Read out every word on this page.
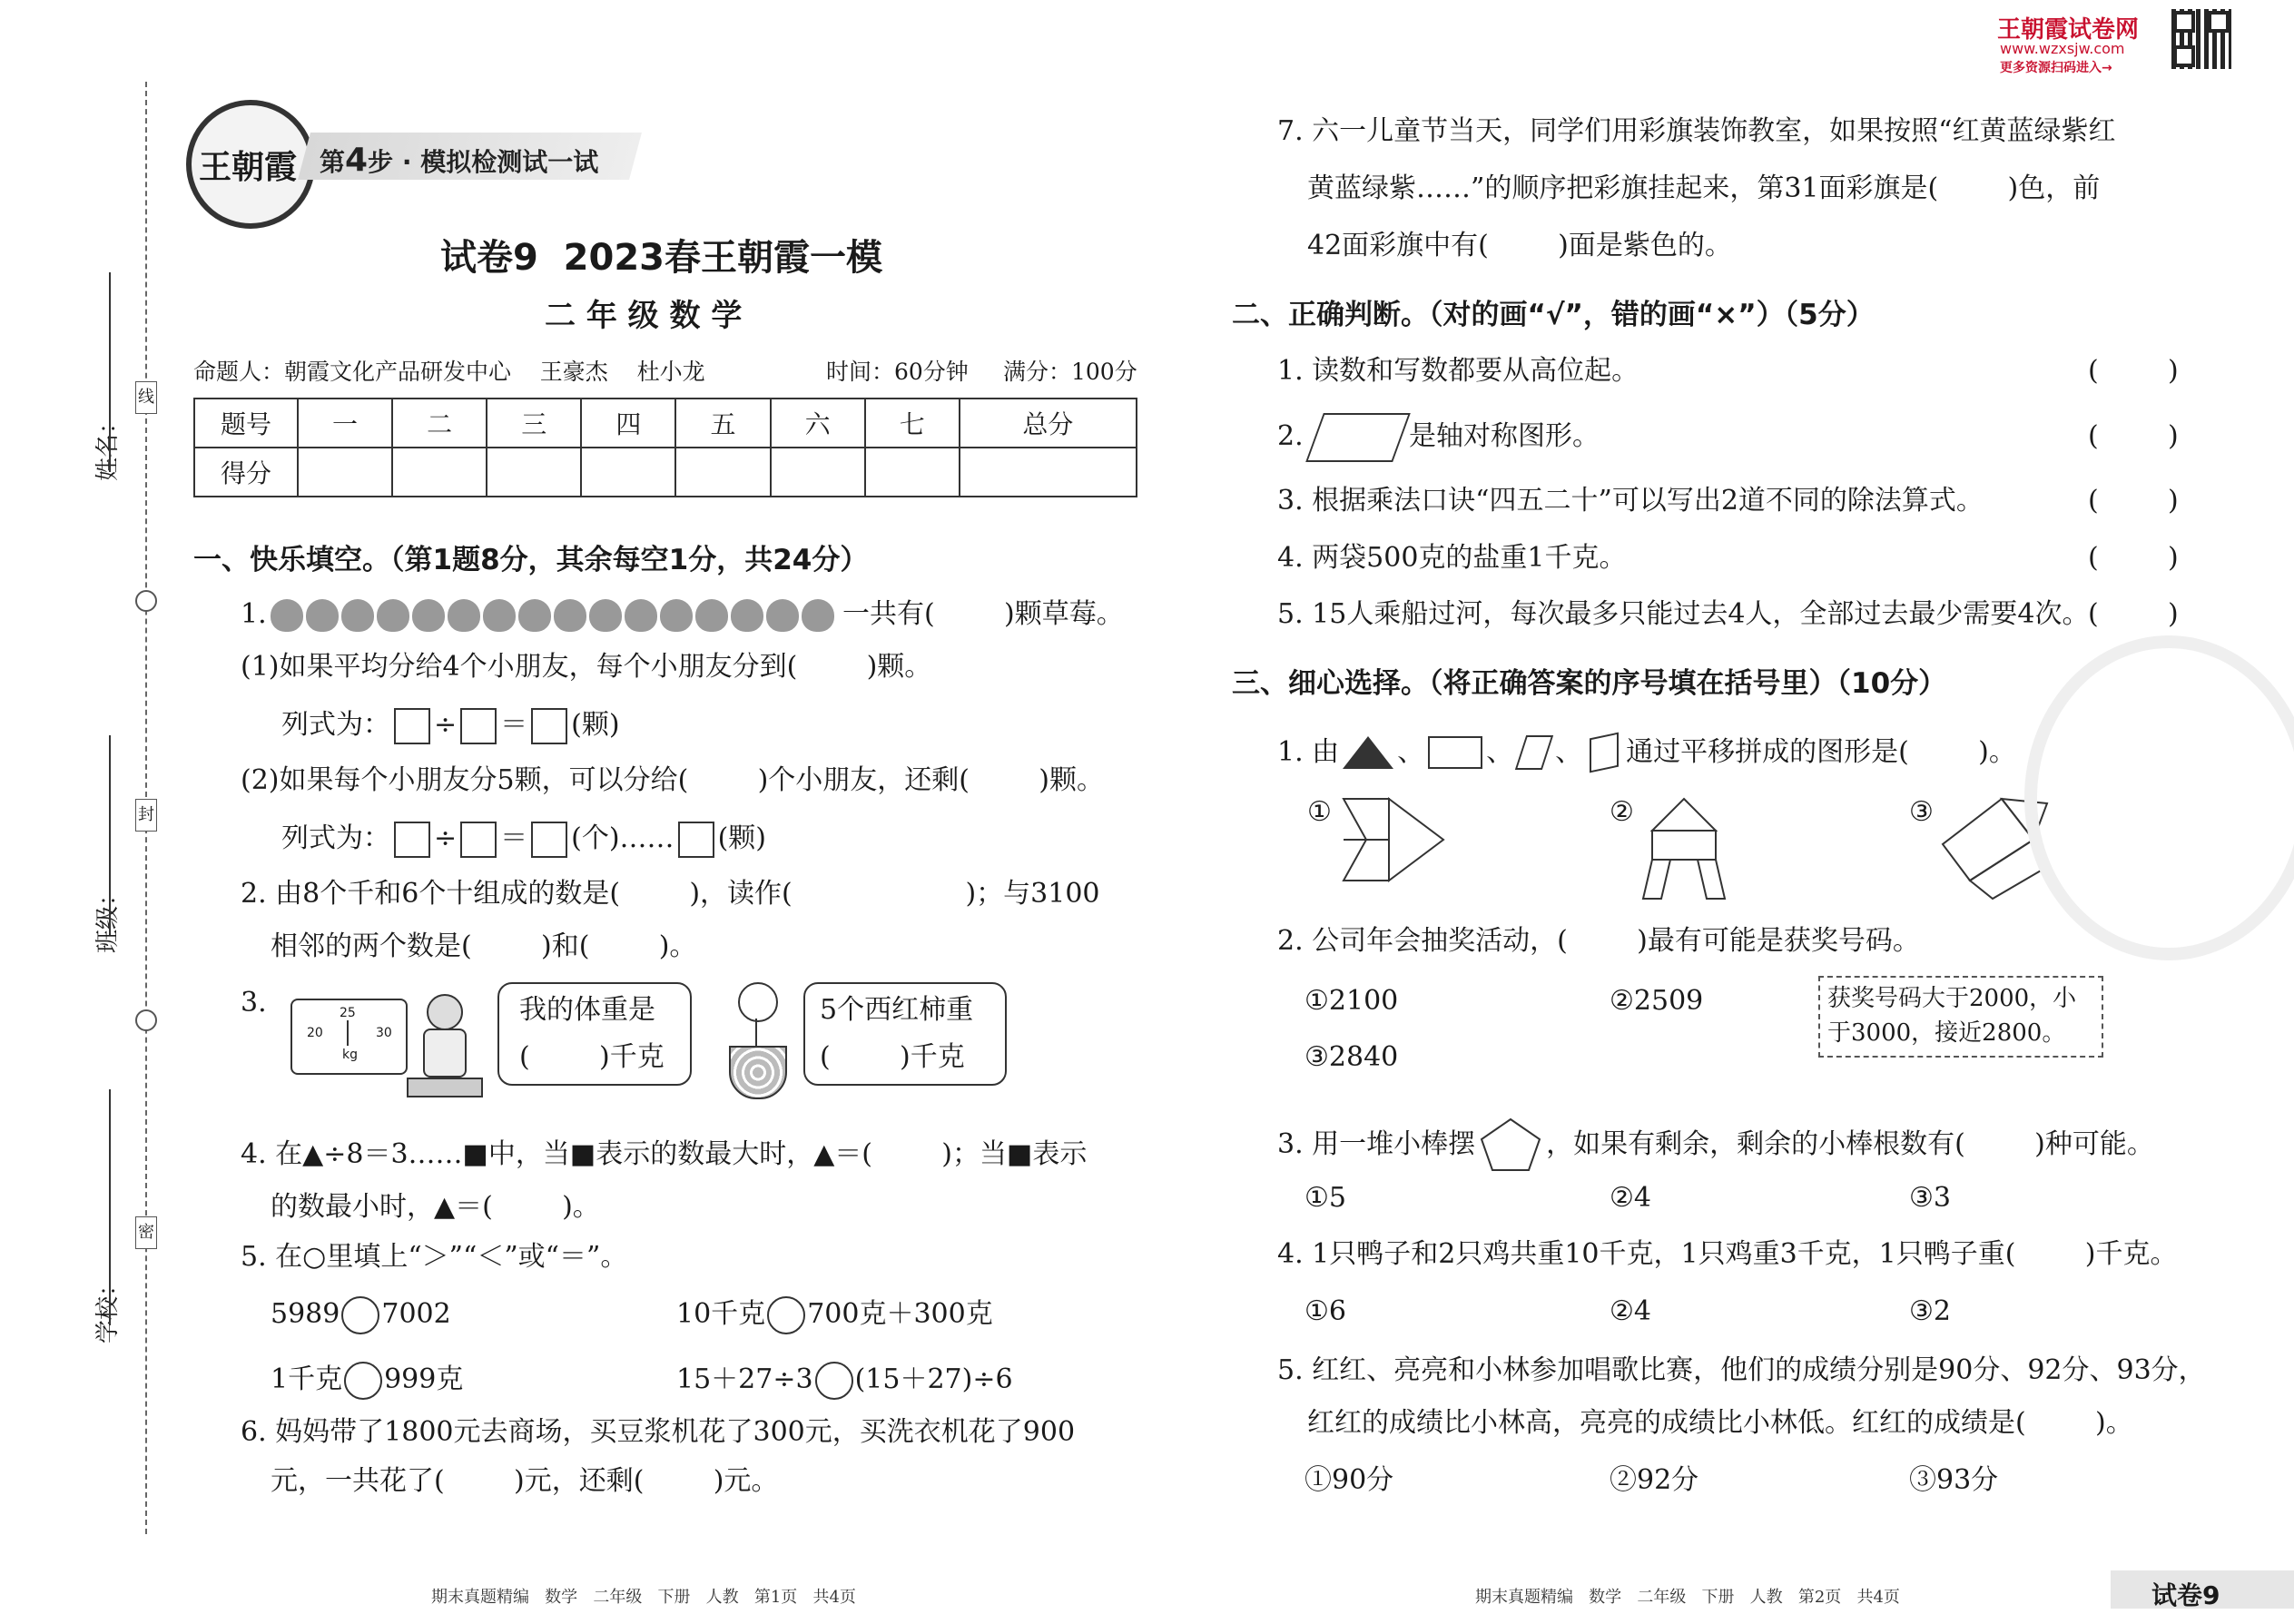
王朝霞试卷网
www.wzxsjw.com
更多资源扫码进入→
姓名：
班级：
学校：
线
封
密
王朝霞 第4步 · 模拟检测试一试
试卷9  2023春王朝霞一模
二 年 级 数 学
命题人：朝霞文化产品研发中心    王豪杰    杜小龙	时间：60分钟 满分：100分
题号	一	二	三	四	五	六	七	总分
得分								
一、快乐填空。（第1题8分，其余每空1分，共24分）
1.	一共有(        )颗草莓。
(1)如果平均分给4个小朋友，每个小朋友分到(        )颗。
列式为： ÷ ＝ (颗)
(2)如果每个小朋友分5颗，可以分给(        )个小朋友，还剩(        )颗。
列式为： ÷ ＝ (个)…… (颗)
2. 由8个千和6个十组成的数是(        )，读作(                    )；与3100
相邻的两个数是(        )和(        )。
3.	25
20	30
kg
我的体重是
(        )千克
5个西红柿重
(        )千克
4. 在▲÷8＝3……■中，当■表示的数最大时，▲＝(        )；当■表示
的数最小时，▲＝(        )。
5. 在○里填上“＞”“＜”或“＝”。
5989 7002	10千克 700克＋300克
1千克 999克	15＋27÷3 (15＋27)÷6
6. 妈妈带了1800元去商场，买豆浆机花了300元，买洗衣机花了900
元，一共花了(        )元，还剩(        )元。
期末真题精编   数学   二年级   下册   人教   第1页   共4页
7. 六一儿童节当天，同学们用彩旗装饰教室，如果按照“红黄蓝绿紫红
黄蓝绿紫……”的顺序把彩旗挂起来，第31面彩旗是(        )色，前
42面彩旗中有(        )面是紫色的。
二、正确判断。（对的画“√”，错的画“×”）（5分）
1. 读数和写数都要从高位起。	(        )
2.	是轴对称图形。	(        )
3. 根据乘法口诀“四五二十”可以写出2道不同的除法算式。	(        )
4. 两袋500克的盐重1千克。	(        )
5. 15人乘船过河，每次最多只能过去4人，全部过去最少需要4次。
(        )
三、细心选择。（将正确答案的序号填在括号里）（10分）
1. 由 、 、 、 通过平移拼成的图形是(        )。
①	②	③
2. 公司年会抽奖活动，(        )最有可能是获奖号码。
①2100	②2509
③2840
获奖号码大于2000，小
于3000，接近2800。
3. 用一堆小棒摆	，如果有剩余，剩余的小棒根数有(        )种可能。
①5	②4	③3
4. 1只鸭子和2只鸡共重10千克，1只鸡重3千克，1只鸭子重(        )千克。
①6	②4	③2
5. 红红、亮亮和小林参加唱歌比赛，他们的成绩分别是90分、92分、93分，
红红的成绩比小林高，亮亮的成绩比小林低。红红的成绩是(        )。
①90分	②92分	③93分
期末真题精编   数学   二年级   下册   人教   第2页   共4页	试卷9
